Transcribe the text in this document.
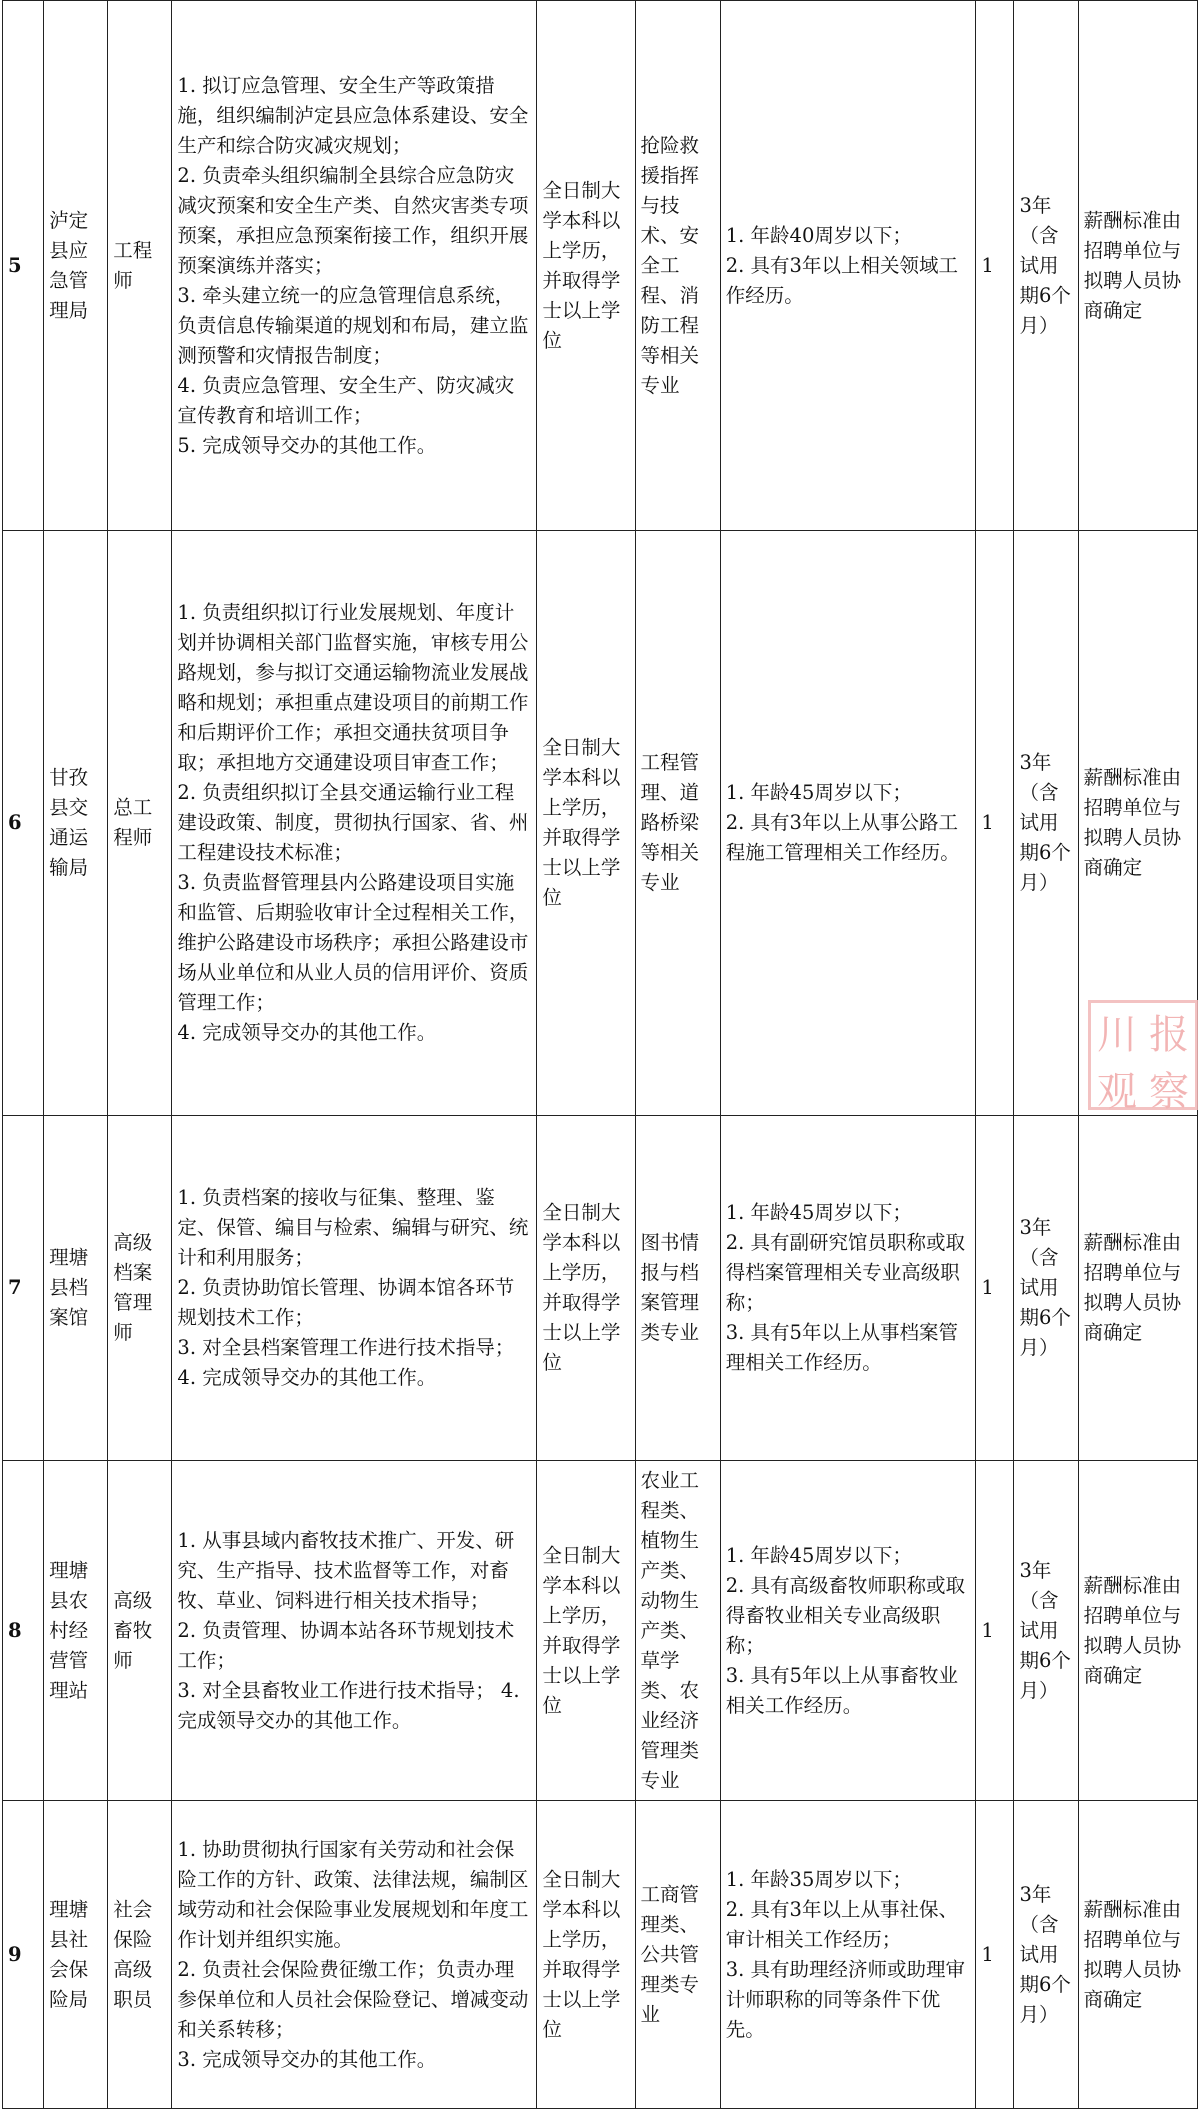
5	泸定县应急管理局	工程师	1. 拟订应急管理、安全生产等政策措施，组织编制泸定县应急体系建设、安全生产和综合防灾减灾规划；
2. 负责牵头组织编制全县综合应急防灾减灾预案和安全生产类、自然灾害类专项预案，承担应急预案衔接工作，组织开展预案演练并落实；
3. 牵头建立统一的应急管理信息系统，负责信息传输渠道的规划和布局，建立监测预警和灾情报告制度；
4. 负责应急管理、安全生产、防灾减灾宣传教育和培训工作；
5. 完成领导交办的其他工作。	全日制大学本科以上学历，并取得学士以上学位	抢险救援指挥与技术、安全工程、消防工程等相关专业	1. 年龄40周岁以下；
2. 具有3年以上相关领域工作经历。	1	3年（含试用期6个月）	薪酬标准由招聘单位与拟聘人员协商确定
6	甘孜县交通运输局	总工程师	1. 负责组织拟订行业发展规划、年度计划并协调相关部门监督实施，审核专用公路规划，参与拟订交通运输物流业发展战略和规划；承担重点建设项目的前期工作和后期评价工作；承担交通扶贫项目争取；承担地方交通建设项目审查工作；
2. 负责组织拟订全县交通运输行业工程建设政策、制度，贯彻执行国家、省、州工程建设技术标准；
3. 负责监督管理县内公路建设项目实施和监管、后期验收审计全过程相关工作，维护公路建设市场秩序；承担公路建设市场从业单位和从业人员的信用评价、资质管理工作；
4. 完成领导交办的其他工作。	全日制大学本科以上学历，并取得学士以上学位	工程管理、道路桥梁等相关专业	1. 年龄45周岁以下；
2. 具有3年以上从事公路工程施工管理相关工作经历。	1	3年（含试用期6个月）	薪酬标准由招聘单位与拟聘人员协商确定
7	理塘县档案馆	高级档案管理师	1. 负责档案的接收与征集、整理、鉴定、保管、编目与检索、编辑与研究、统计和利用服务；
2. 负责协助馆长管理、协调本馆各环节规划技术工作；
3. 对全县档案管理工作进行技术指导；
4. 完成领导交办的其他工作。	全日制大学本科以上学历，并取得学士以上学位	图书情报与档案管理类专业	1. 年龄45周岁以下；
2. 具有副研究馆员职称或取得档案管理相关专业高级职称；
3. 具有5年以上从事档案管理相关工作经历。	1	3年（含试用期6个月）	薪酬标准由招聘单位与拟聘人员协商确定
8	理塘县农村经营管理站	高级畜牧师	1. 从事县域内畜牧技术推广、开发、研究、生产指导、技术监督等工作，对畜牧、草业、饲料进行相关技术指导；
2. 负责管理、协调本站各环节规划技术工作；
3. 对全县畜牧业工作进行技术指导； 4. 完成领导交办的其他工作。	全日制大学本科以上学历，并取得学士以上学位	农业工程类、植物生产类、动物生产类、草学类、农业经济管理类专业	1. 年龄45周岁以下；
2. 具有高级畜牧师职称或取得畜牧业相关专业高级职称；
3. 具有5年以上从事畜牧业相关工作经历。	1	3年（含试用期6个月）	薪酬标准由招聘单位与拟聘人员协商确定
9	理塘县社会保险局	社会保险高级职员	1. 协助贯彻执行国家有关劳动和社会保险工作的方针、政策、法律法规，编制区域劳动和社会保险事业发展规划和年度工作计划并组织实施。
2. 负责社会保险费征缴工作；负责办理参保单位和人员社会保险登记、增减变动和关系转移；
3. 完成领导交办的其他工作。	全日制大学本科以上学历，并取得学士以上学位	工商管理类、公共管理类专业	1. 年龄35周岁以下；
2. 具有3年以上从事社保、审计相关工作经历；
3. 具有助理经济师或助理审计师职称的同等条件下优先。	1	3年（含试用期6个月）	薪酬标准由招聘单位与拟聘人员协商确定
川 报
观 察
